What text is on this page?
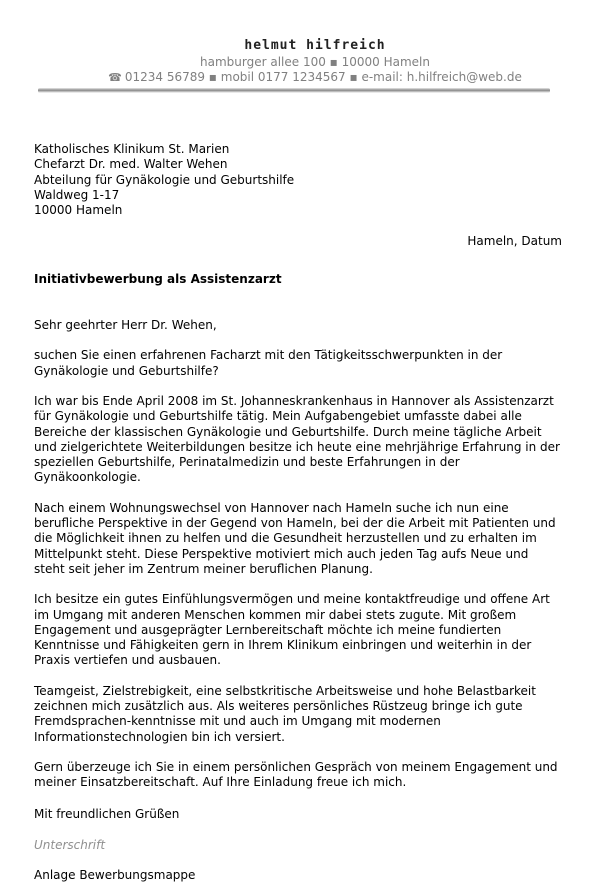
helmut hilfreich
hamburger allee 100 ▪ 10000 Hameln
☎ 01234 56789 ▪ mobil 0177 1234567 ▪ e-mail: h.hilfreich@web.de
Katholisches Klinikum St. Marien
Chefarzt Dr. med. Walter Wehen
Abteilung für Gynäkologie und Geburtshilfe
Waldweg 1-17
10000 Hameln
Hameln, Datum
Initiativbewerbung als Assistenzarzt
Sehr geehrter Herr Dr. Wehen,
suchen Sie einen erfahrenen Facharzt mit den Tätigkeitsschwerpunkten in der Gynäkologie und Geburtshilfe?
Ich war bis Ende April 2008 im St. Johanneskrankenhaus in Hannover als Assistenzarzt für Gynäkologie und Geburtshilfe tätig. Mein Aufgabengebiet umfasste dabei alle Bereiche der klassischen Gynäkologie und Geburtshilfe. Durch meine tägliche Arbeit und zielgerichtete Weiterbildungen besitze ich heute eine mehrjährige Erfahrung in der speziellen Geburtshilfe, Perinatalmedizin und beste Erfahrungen in der Gynäkoonkologie.
Nach einem Wohnungswechsel von Hannover nach Hameln suche ich nun eine berufliche Perspektive in der Gegend von Hameln, bei der die Arbeit mit Patienten und die Möglichkeit ihnen zu helfen und die Gesundheit herzustellen und zu erhalten im Mittelpunkt steht. Diese Perspektive motiviert mich auch jeden Tag aufs Neue und steht seit jeher im Zentrum meiner beruflichen Planung.
Ich besitze ein gutes Einfühlungsvermögen und meine kontaktfreudige und offene Art im Umgang mit anderen Menschen kommen mir dabei stets zugute. Mit großem Engagement und ausgeprägter Lernbereitschaft möchte ich meine fundierten Kenntnisse und Fähigkeiten gern in Ihrem Klinikum einbringen und weiterhin in der Praxis vertiefen und ausbauen.
Teamgeist, Zielstrebigkeit, eine selbstkritische Arbeitsweise und hohe Belastbarkeit zeichnen mich zusätzlich aus. Als weiteres persönliches Rüstzeug bringe ich gute Fremdsprachen-kenntnisse mit und auch im Umgang mit modernen Informationstechnologien bin ich versiert.
Gern überzeuge ich Sie in einem persönlichen Gespräch von meinem Engagement und meiner Einsatzbereitschaft. Auf Ihre Einladung freue ich mich.
Mit freundlichen Grüßen
Unterschrift
Anlage Bewerbungsmappe
